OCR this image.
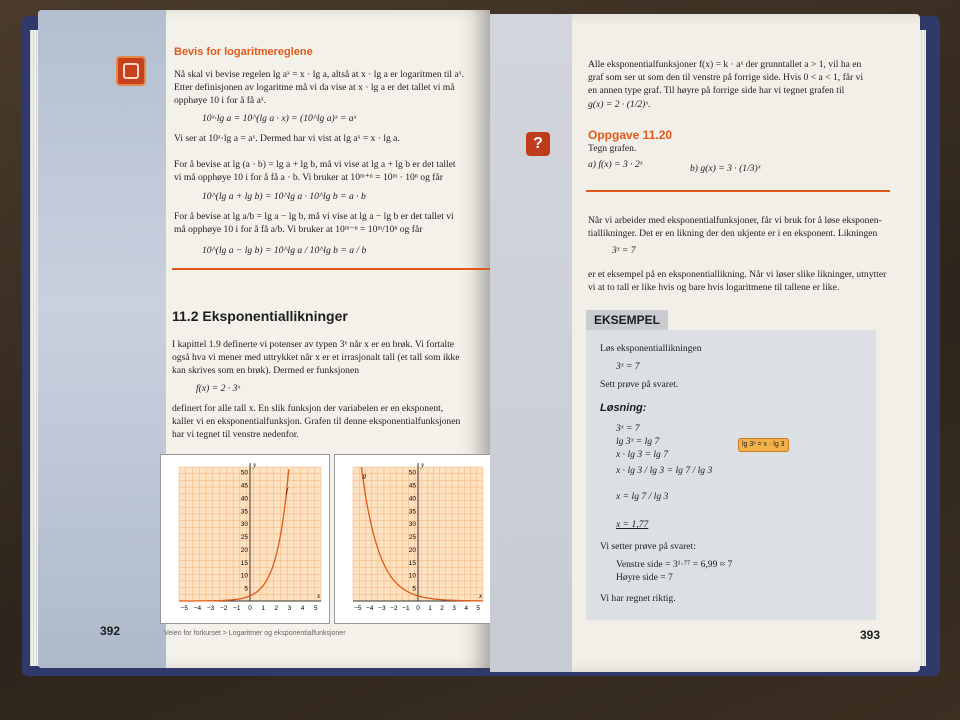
Bevis for logaritmereglene
Nå skal vi bevise regelen lg aˣ = x · lg a, altså at x · lg a er logaritmen til aˣ.
Etter definisjonen av logaritme må vi da vise at x · lg a er det tallet vi må
opphøye 10 i for å få aˣ.
10ˣ·lg a = 10^(lg a · x) = (10^lg a)ˣ = aˣ
Vi ser at 10ˣ·lg a = aˣ. Dermed har vi vist at lg aˣ = x · lg a.
For å bevise at lg (a · b) = lg a + lg b, må vi vise at lg a + lg b er det tallet
vi må opphøye 10 i for å få a · b. Vi bruker at 10ᵐ⁺ⁿ = 10ᵐ · 10ⁿ og får
10^(lg a + lg b) = 10^lg a · 10^lg b = a · b
For å bevise at lg a/b = lg a − lg b, må vi vise at lg a − lg b er det tallet vi
må opphøye 10 i for å få a/b. Vi bruker at 10ᵐ⁻ⁿ = 10ᵐ/10ⁿ og får
10^(lg a − lg b) = 10^lg a / 10^lg b = a / b
11.2 Eksponentiallikninger
I kapittel 1.9 definerte vi potenser av typen 3ˣ når x er en brøk. Vi fortalte
også hva vi mener med uttrykket når x er et irrasjonalt tall (et tall som ikke
kan skrives som en brøk). Dermed er funksjonen
f(x) = 2 · 3ˣ
definert for alle tall x. En slik funksjon der variabelen er en eksponent,
kaller vi en eksponentialfunksjon. Grafen til denne eksponentialfunksjonen
har vi tegnet til venstre nedenfor.
y
x
50
45
40
35
30
25
20
15
10
5
−5 −4 −3 −2 −1 0 1 2 3 4 5
f
y
x
50
45
40
35
30
25
20
15
10
5
−5 −4 −3 −2 −1 0 1 2 3 4 5
g
392	Veien for forkurset > Logaritmer og eksponentialfunksjoner
Alle eksponentialfunksjoner f(x) = k · aˣ der grunntallet a > 1, vil ha en
graf som ser ut som den til venstre på forrige side. Hvis 0 < a < 1, får vi
en annen type graf. Til høyre på forrige side har vi tegnet grafen til
g(x) = 2 · (1/2)ˣ.
?	Oppgave 11.20
Tegn grafen.
a) f(x) = 3 · 2ˣ	b) g(x) = 3 · (1/3)ˣ
Når vi arbeider med eksponentialfunksjoner, får vi bruk for å løse eksponen-
tiallikninger. Det er en likning der den ukjente er i en eksponent. Likningen
3ˣ = 7
er et eksempel på en eksponentiallikning. Når vi løser slike likninger, utnytter
vi at to tall er like hvis og bare hvis logaritmene til tallene er like.
EKSEMPEL
Løs eksponentiallikningen
3ˣ = 7
Sett prøve på svaret.
Løsning:
3ˣ = 7
lg 3ˣ = lg 7
x · lg 3 = lg 7
x · lg 3 / lg 3 = lg 7 / lg 3
x = lg 7 / lg 3
x = 1,77
lg 3ˣ = x · lg 3
Vi setter prøve på svaret:
Venstre side = 3¹·⁷⁷ = 6,99 ≈ 7
Høyre side = 7
Vi har regnet riktig.
393
